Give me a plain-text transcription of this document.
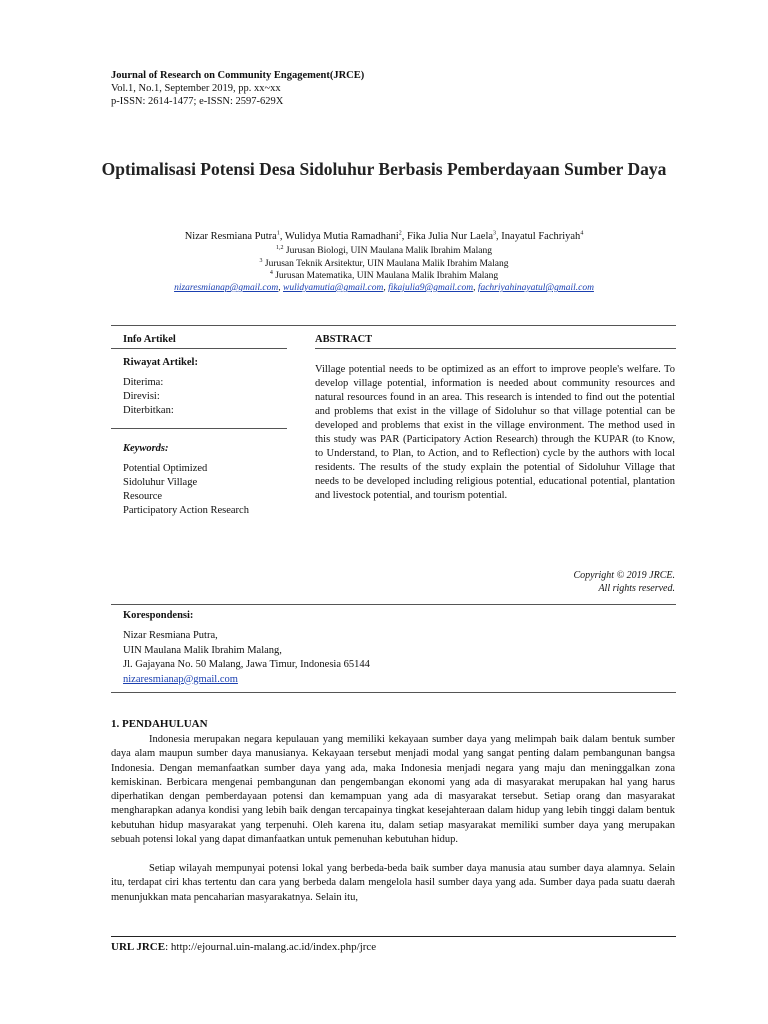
Journal of Research on Community Engagement(JRCE)
Vol.1, No.1, September 2019, pp. xx~xx
p-ISSN: 2614-1477; e-ISSN: 2597-629X
Optimalisasi Potensi Desa Sidoluhur Berbasis Pemberdayaan Sumber Daya
Nizar Resmiana Putra$^1$, Wulidya Mutia Ramadhani$^2$, Fika Julia Nur Laela$^3$, Inayatul Fachriyah$^4$
$^{1,2}$ Jurusan Biologi, UIN Maulana Malik Ibrahim Malang
$^3$ Jurusan Teknik Arsitektur, UIN Maulana Malik Ibrahim Malang
$^4$ Jurusan Matematika, UIN Maulana Malik Ibrahim Malang
nizaresmianap@gmail.com, wulidyamutia@gmail.com, fikajulia9@gmail.com, fachriyahinayatul@gmail.com
Info Artikel
Riwayat Artikel:
Diterima:
Direvisi:
Diterbitkan:
Keywords:
Potential Optimized
Sidoluhur Village
Resource
Participatory Action Research
ABSTRACT
Village potential needs to be optimized as an effort to improve people's welfare. To develop village potential, information is needed about community resources and natural resources found in an area. This research is intended to find out the potential and problems that exist in the village of Sidoluhur so that village potential can be developed and problems that exist in the village environment. The method used in this study was PAR (Participatory Action Research) through the KUPAR (to Know, to Understand, to Plan, to Action, and to Reflection) cycle by the authors with local residents. The results of the study explain the potential of Sidoluhur Village that needs to be developed including religious potential, educational potential, plantation and livestock potential, and tourism potential.
Copyright © 2019 JRCE.
All rights reserved.
Korespondensi:
Nizar Resmiana Putra,
UIN Maulana Malik Ibrahim Malang,
Jl. Gajayana No. 50 Malang, Jawa Timur, Indonesia 65144
nizaresmianap@gmail.com
1. PENDAHULUAN
Indonesia merupakan negara kepulauan yang memiliki kekayaan sumber daya yang melimpah baik dalam bentuk sumber daya alam maupun sumber daya manusianya. Kekayaan tersebut menjadi modal yang sangat penting dalam pembangunan bangsa Indonesia. Dengan memanfaatkan sumber daya yang ada, maka Indonesia menjadi negara yang maju dan meninggalkan zona kemiskinan. Berbicara mengenai pembangunan dan pengembangan ekonomi yang ada di masyarakat merupakan hal yang harus diperhatikan dengan pemberdayaan potensi dan kemampuan yang ada di masyarakat tersebut. Setiap orang dan masyarakat mengharapkan adanya kondisi yang lebih baik dengan tercapainya tingkat kesejahteraan dalam hidup yang lebih tinggi dalam bentuk kebutuhan hidup masyarakat yang terpenuhi. Oleh karena itu, dalam setiap masyarakat memiliki sumber daya yang merupakan sebuah potensi lokal yang dapat dimanfaatkan untuk pemenuhan kebutuhan hidup.
Setiap wilayah mempunyai potensi lokal yang berbeda-beda baik sumber daya manusia atau sumber daya alamnya. Selain itu, terdapat ciri khas tertentu dan cara yang berbeda dalam mengelola hasil sumber daya yang ada. Sumber daya pada suatu daerah menunjukkan mata pencaharian masyarakatnya. Selain itu,
URL JRCE: http://ejournal.uin-malang.ac.id/index.php/jrce
